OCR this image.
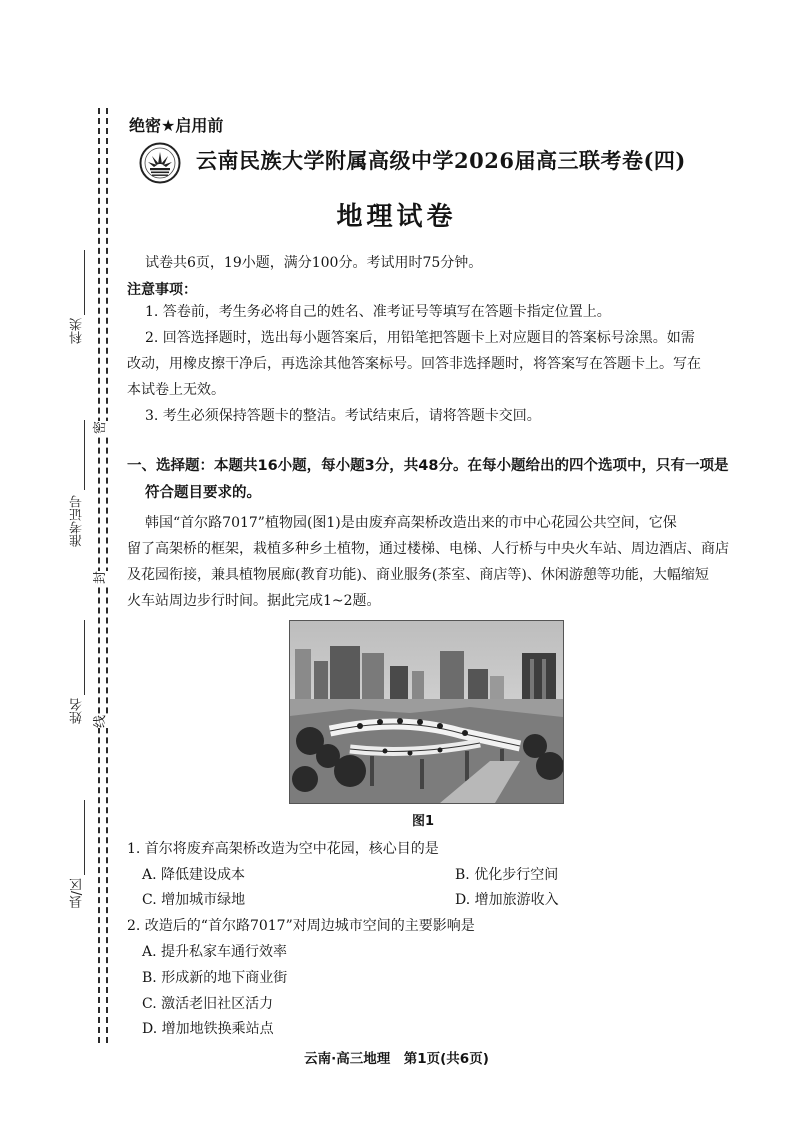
科类
准考证号
姓名
县/区
密
封
线
绝密★启用前
云南民族大学附属高级中学2026届高三联考卷(四)
地理试卷
试卷共6页，19小题，满分100分。考试用时75分钟。
注意事项：
1. 答卷前，考生务必将自己的姓名、准考证号等填写在答题卡指定位置上。
2. 回答选择题时，选出每小题答案后，用铅笔把答题卡上对应题目的答案标号涂黑。如需
改动，用橡皮擦干净后，再选涂其他答案标号。回答非选择题时，将答案写在答题卡上。写在
本试卷上无效。
3. 考生必须保持答题卡的整洁。考试结束后，请将答题卡交回。
一、选择题：本题共16小题，每小题3分，共48分。在每小题给出的四个选项中，只有一项是
符合题目要求的。
韩国“首尔路7017”植物园(图1)是由废弃高架桥改造出来的市中心花园公共空间，它保
留了高架桥的框架，栽植多种乡土植物，通过楼梯、电梯、人行桥与中央火车站、周边酒店、商店
及花园衔接，兼具植物展廊(教育功能)、商业服务(茶室、商店等)、休闲游憩等功能，大幅缩短
火车站周边步行时间。据此完成1~2题。
图1
1. 首尔将废弃高架桥改造为空中花园，核心目的是
A. 降低建设成本	B. 优化步行空间
C. 增加城市绿地	D. 增加旅游收入
2. 改造后的“首尔路7017”对周边城市空间的主要影响是
A. 提升私家车通行效率
B. 形成新的地下商业街
C. 激活老旧社区活力
D. 增加地铁换乘站点
云南·高三地理　第1页(共6页)
